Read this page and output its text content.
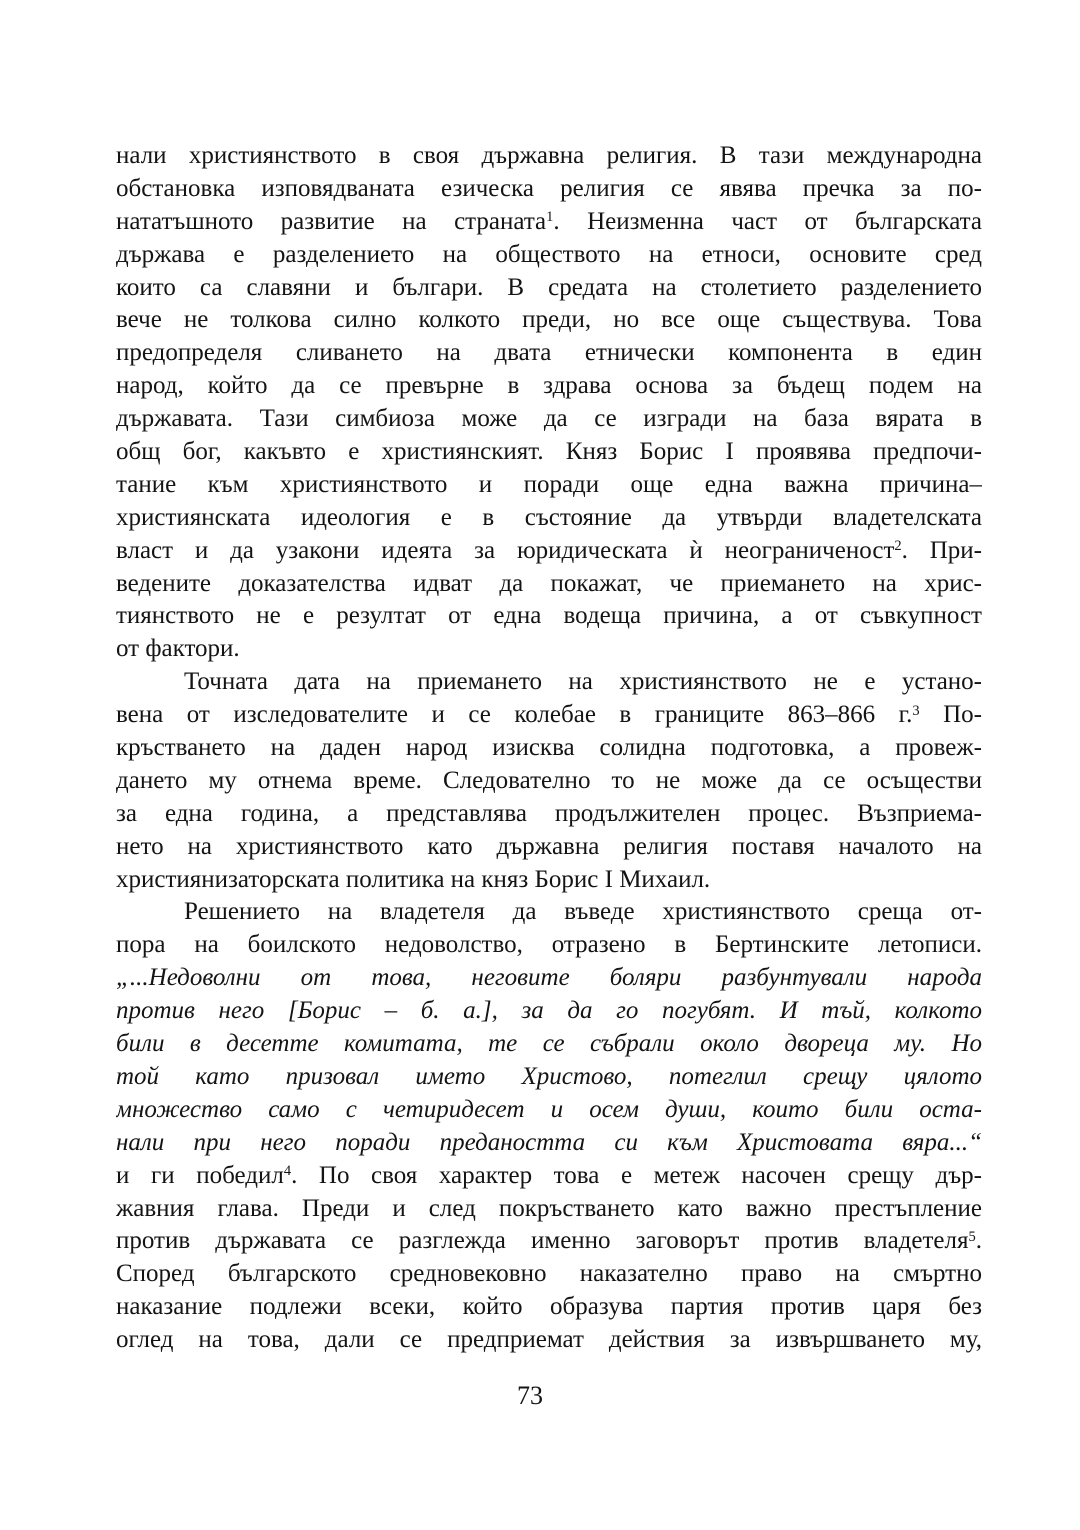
нали християнството в своя държавна религия. В тази международна
обстановка изповядваната езическа религия се явява пречка за по-
нататъшното развитие на страната$^1$. Неизменна част от българската
държава е разделението на обществото на етноси, основите сред
които са славяни и българи. В средата на столетието разделението
вече не толкова силно колкото преди, но все още съществува. Това
предопределя сливането на двата етнически компонента в един
народ, който да се превърне в здрава основа за бъдещ подем на
държавата. Тази симбиоза може да се изгради на база вярата в
общ бог, какъвто е християнският. Княз Борис I проявява предпочи-
тание към християнството и поради още една важна причина–
християнската идеология е в състояние да утвърди владетелската
власт и да узакони идеята за юридическата ѝ неограниченост$^2$. При-
ведените доказателства идват да покажат, че приемането на хрис-
тиянството не е резултат от една водеща причина, а от съвкупност
от фактори.
Точната дата на приемането на християнството не е устано-
вена от изследователите и се колебае в границите 863–866 г.$^3$ По-
кръстването на даден народ изисква солидна подготовка, а провеж-
дането му отнема време. Следователно то не може да се осъществи
за една година, а представлява продължителен процес. Възприема-
нето на християнството като държавна религия поставя началото на
християнизаторската политика на княз Борис I Михаил.
Решението на владетеля да въведе християнството среща от-
пора на боилското недоволство, отразено в Бертинските летописи.
„...Недоволни от това, неговите боляри разбунтували народа
против него [Борис – б. а.], за да го погубят. И тъй, колкото
били в десетте комитата, те се събрали около двореца му. Но
той като призовал името Христово, потеглил срещу цялото
множество само с четиридесет и осем души, които били оста-
нали при него поради предаността си към Христовата вяра...“
и ги победил$^4$. По своя характер това е метеж насочен срещу дър-
жавния глава. Преди и след покръстването като важно престъпление
против държавата се разглежда именно заговорът против владетеля$^5$.
Според българското средновековно наказателно право на смъртно
наказание подлежи всеки, който образува партия против царя без
оглед на това, дали се предприемат действия за извършването му,
73
